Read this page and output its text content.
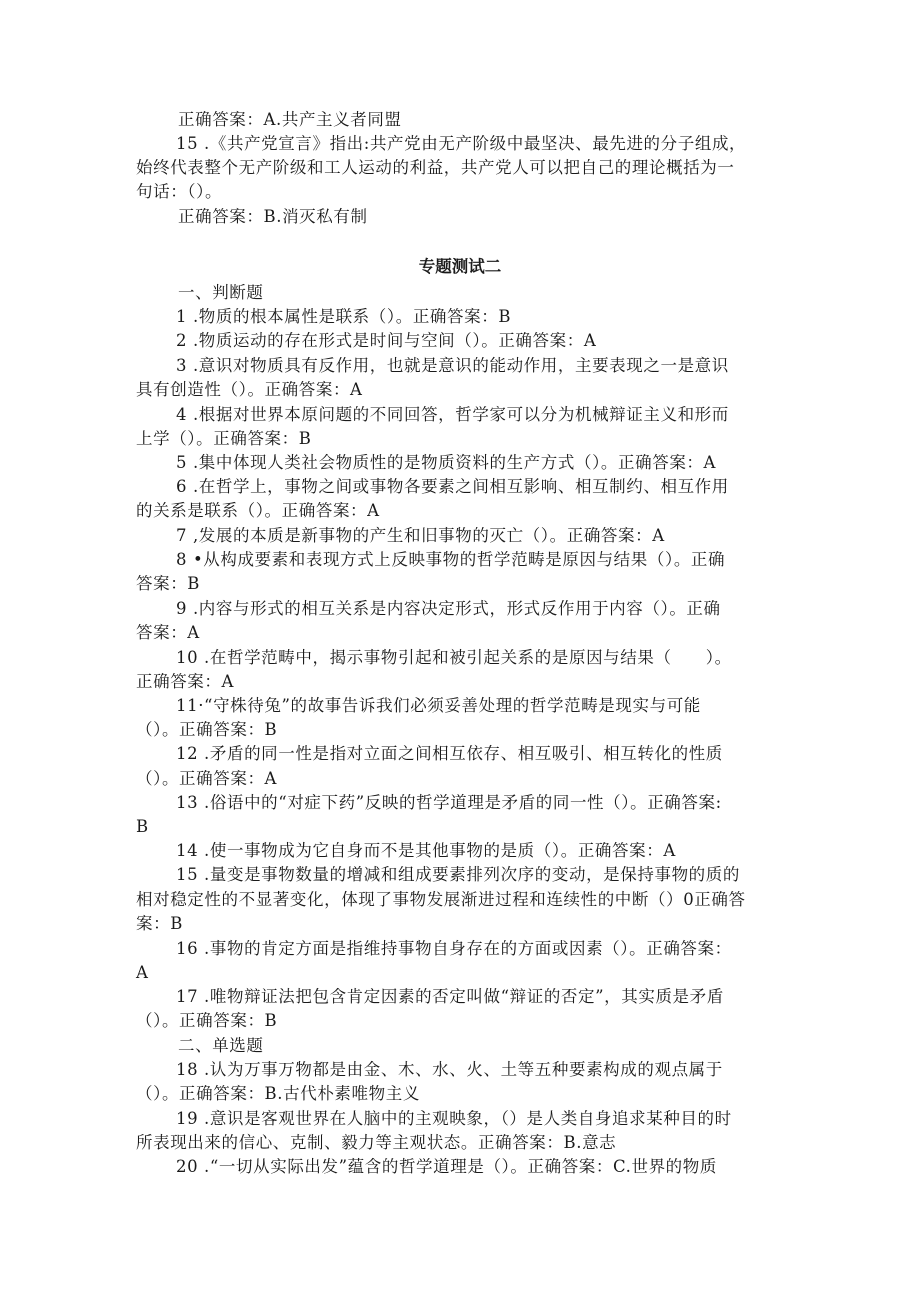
正确答案：A.共产主义者同盟
15 .《共产党宣言》指出:共产党由无产阶级中最坚决、最先进的分子组成，
始终代表整个无产阶级和工人运动的利益，共产党人可以把自己的理论概括为一
句话：（）。
正确答案：B.消灭私有制
专题测试二
一、判断题
1 .物质的根本属性是联系（）。正确答案：B
2 .物质运动的存在形式是时间与空间（）。正确答案：A
3 .意识对物质具有反作用，也就是意识的能动作用，主要表现之一是意识
具有创造性（）。正确答案：A
4 .根据对世界本原问题的不同回答，哲学家可以分为机械辩证主义和形而
上学（）。正确答案：B
5 .集中体现人类社会物质性的是物质资料的生产方式（）。正确答案：A
6 .在哲学上，事物之间或事物各要素之间相互影响、相互制约、相互作用
的关系是联系（）。正确答案：A
7 ,发展的本质是新事物的产生和旧事物的灭亡（）。正确答案：A
8 •从构成要素和表现方式上反映事物的哲学范畴是原因与结果（）。正确
答案：B
9 .内容与形式的相互关系是内容决定形式，形式反作用于内容（）。正确
答案：A
10 .在哲学范畴中，揭示事物引起和被引起关系的是原因与结果（　　）。
正确答案：A
11·“守株待兔”的故事告诉我们必须妥善处理的哲学范畴是现实与可能
（）。正确答案：B
12 .矛盾的同一性是指对立面之间相互依存、相互吸引、相互转化的性质
（）。正确答案：A
13 .俗语中的“对症下药”反映的哲学道理是矛盾的同一性（）。正确答案:
B
14 .使一事物成为它自身而不是其他事物的是质（）。正确答案：A
15 .量变是事物数量的增减和组成要素排列次序的变动，是保持事物的质的
相对稳定性的不显著变化，体现了事物发展渐进过程和连续性的中断（）0正确答
案：B
16 .事物的肯定方面是指维持事物自身存在的方面或因素（）。正确答案：
A
17 .唯物辩证法把包含肯定因素的否定叫做“辩证的否定”，其实质是矛盾
（）。正确答案：B
二、单选题
18 .认为万事万物都是由金、木、水、火、土等五种要素构成的观点属于
（）。正确答案：B.古代朴素唯物主义
19 .意识是客观世界在人脑中的主观映象，（）是人类自身追求某种目的时
所表现出来的信心、克制、毅力等主观状态。正确答案：B.意志
20 .“一切从实际出发”蕴含的哲学道理是（）。正确答案：C.世界的物质
